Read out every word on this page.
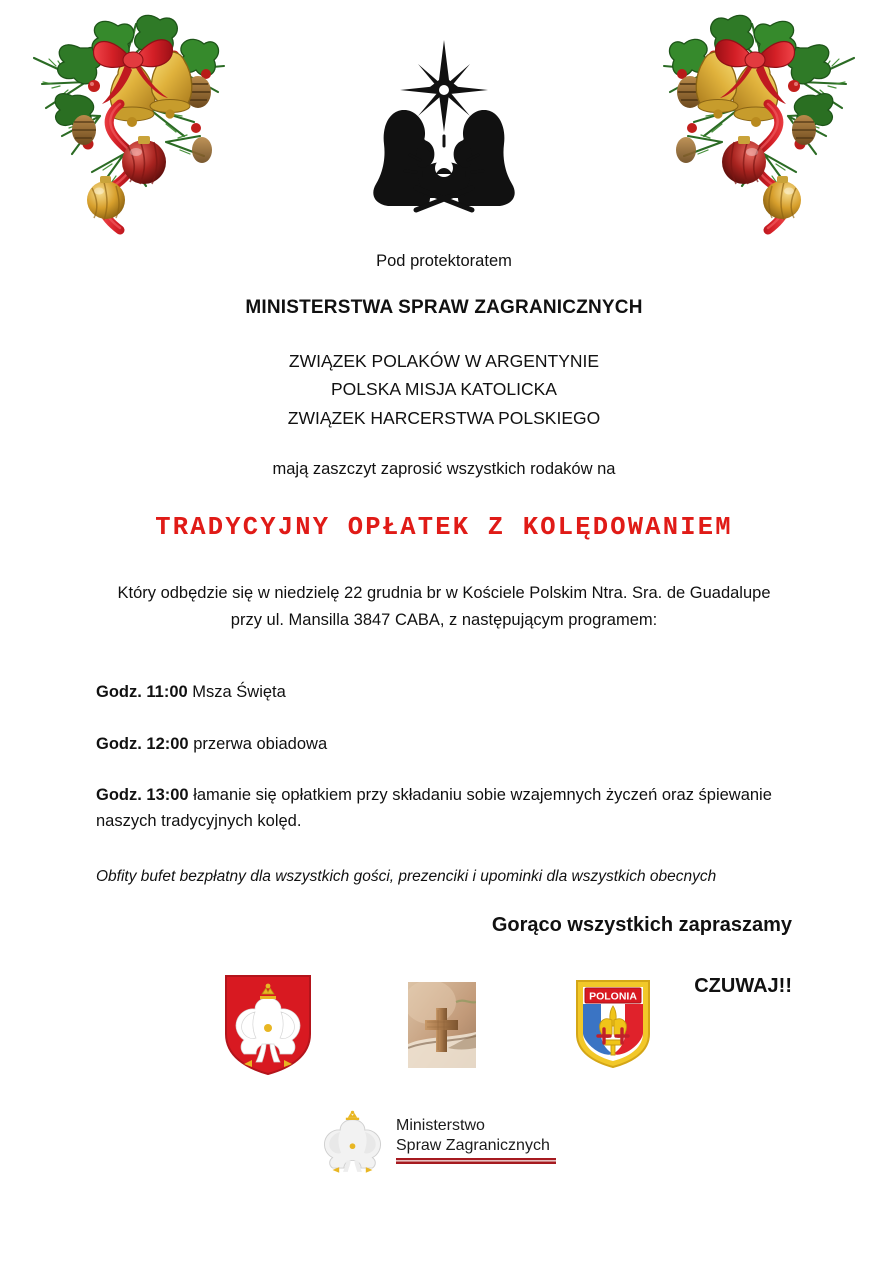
Pod protektoratem

MINISTERSTWA SPRAW ZAGRANICZNYCH

ZWIĄZEK POLAKÓW W ARGENTYNIE
POLSKA MISJA KATOLICKA
ZWIĄZEK HARCERSTWA POLSKIEGO

mają zaszczyt zaprosić wszystkich rodaków na

TRADYCYJNY OPŁATEK Z KOLĘDOWANIEM
Który odbędzie się w niedzielę 22 grudnia br w Kościele Polskim Ntra. Sra. de Guadalupe
przy ul. Mansilla 3847 CABA, z następującym programem:

Godz. 11:00 Msza Święta

Godz. 12:00 przerwa obiadowa

Godz. 13:00 łamanie się opłatkiem przy składaniu sobie wzajemnych życzeń oraz śpiewanie naszych tradycyjnych kolęd.

Obfity bufet bezpłatny dla wszystkich gości, prezenciki i upominki dla wszystkich obecnych

Gorąco wszystkich zapraszamy

CZUWAJ!!

POLONIA
Ministerstwo
Spraw Zagranicznych
